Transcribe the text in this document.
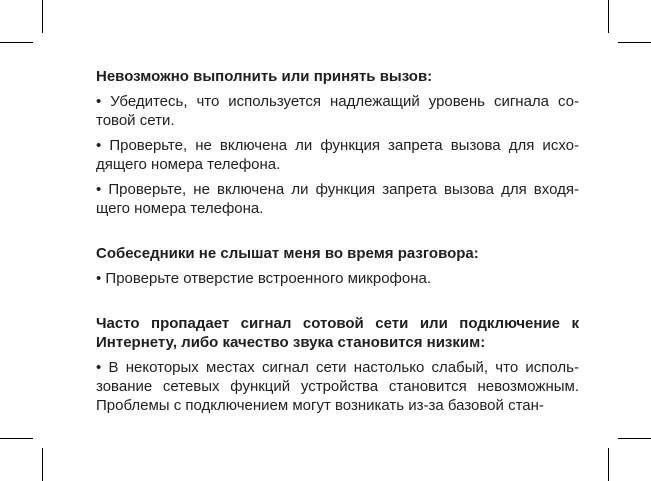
Невозможно выполнить или принять вызов:

• Убедитесь, что используется надлежащий уровень сигнала сотовой сети.

• Проверьте, не включена ли функция запрета вызова для исходящего номера телефона.

• Проверьте, не включена ли функция запрета вызова для входящего номера телефона.

Собеседники не слышат меня во время разговора:

• Проверьте отверстие встроенного микрофона.

Часто пропадает сигнал сотовой сети или подключение к Интернету, либо качество звука становится низким:

• В некоторых местах сигнал сети настолько слабый, что использование сетевых функций устройства становится невозможным. Проблемы с подключением могут возникать из-за базовой стан-
